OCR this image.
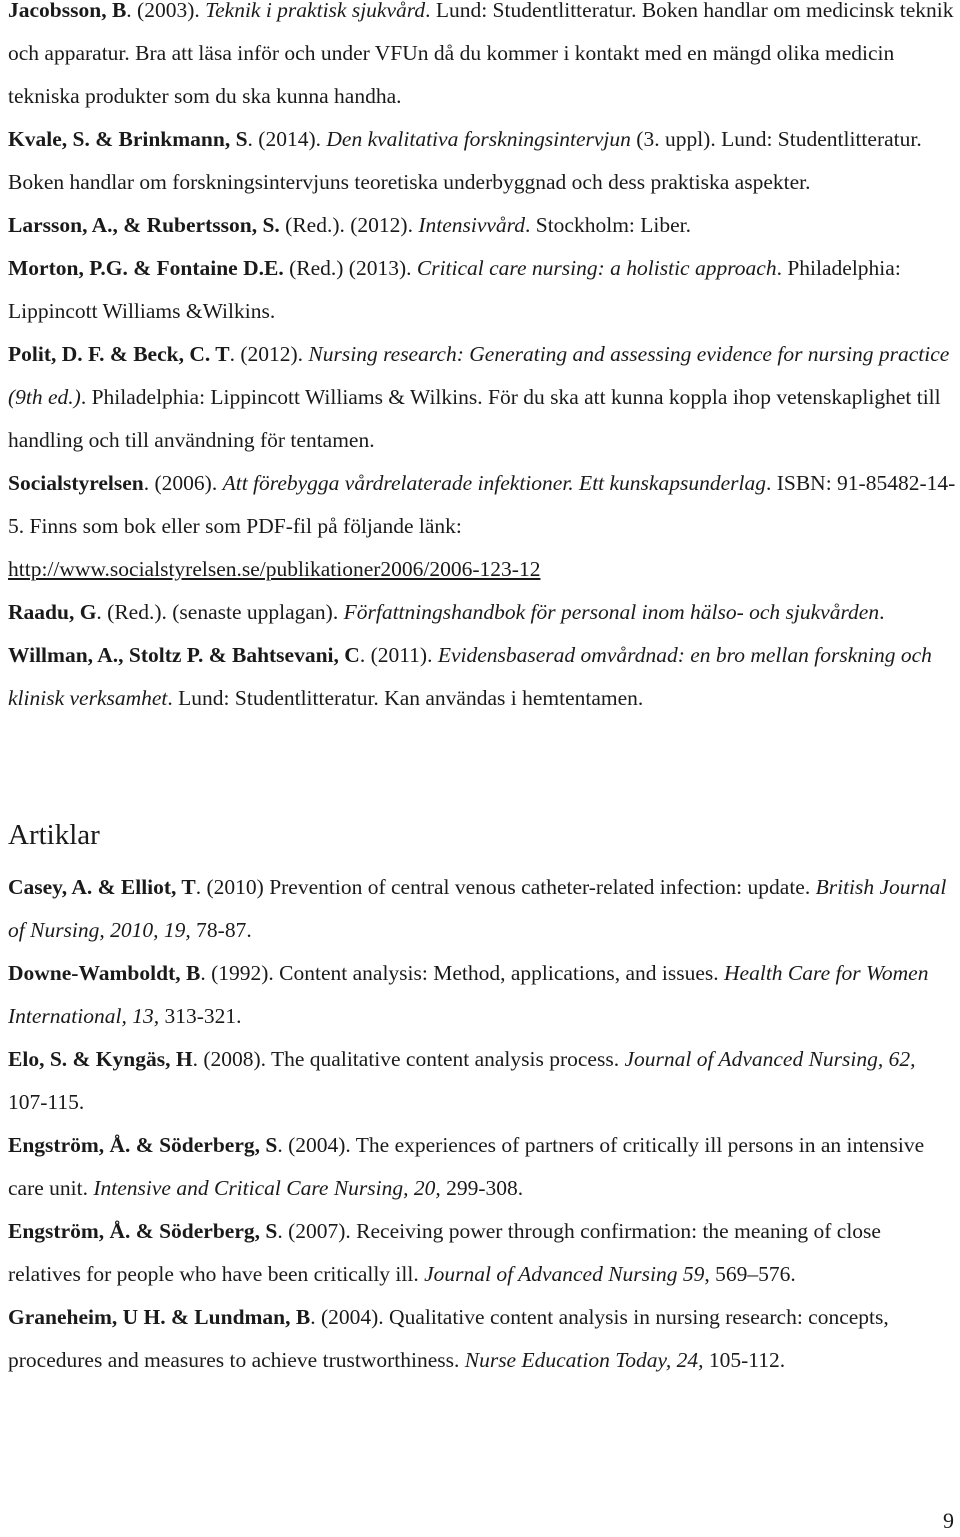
Jacobsson, B. (2003). Teknik i praktisk sjukvård. Lund: Studentlitteratur. Boken handlar om medicinsk teknik och apparatur. Bra att läsa inför och under VFUn då du kommer i kontakt med en mängd olika medicin tekniska produkter som du ska kunna handha.

Kvale, S. & Brinkmann, S. (2014). Den kvalitativa forskningsintervjun (3. uppl). Lund: Studentlitteratur. Boken handlar om forskningsintervjuns teoretiska underbyggnad och dess praktiska aspekter.

Larsson, A., & Rubertsson, S. (Red.). (2012). Intensivvård. Stockholm: Liber.

Morton, P.G. & Fontaine D.E. (Red.) (2013). Critical care nursing: a holistic approach. Philadelphia: Lippincott Williams &Wilkins.

Polit, D. F. & Beck, C. T. (2012). Nursing research: Generating and assessing evidence for nursing practice (9th ed.). Philadelphia: Lippincott Williams & Wilkins. För du ska att kunna koppla ihop vetenskaplighet till handling och till användning för tentamen.

Socialstyrelsen. (2006). Att förebygga vårdrelaterade infektioner. Ett kunskapsunderlag. ISBN: 91-85482-14-5. Finns som bok eller som PDF-fil på följande länk:
http://www.socialstyrelsen.se/publikationer2006/2006-123-12

Raadu, G. (Red.). (senaste upplagan). Författningshandbok för personal inom hälso- och sjukvården.

Willman, A., Stoltz P. & Bahtsevani, C. (2011). Evidensbaserad omvårdnad: en bro mellan forskning och klinisk verksamhet. Lund: Studentlitteratur. Kan användas i hemtentamen.

Artiklar

Casey, A. & Elliot, T. (2010) Prevention of central venous catheter-related infection: update. British Journal of Nursing, 2010, 19, 78-87.

Downe-Wamboldt, B. (1992). Content analysis: Method, applications, and issues. Health Care for Women International, 13, 313-321.

Elo, S. & Kyngäs, H. (2008). The qualitative content analysis process. Journal of Advanced Nursing, 62, 107-115.

Engström, Å. & Söderberg, S. (2004). The experiences of partners of critically ill persons in an intensive care unit. Intensive and Critical Care Nursing, 20, 299-308.

Engström, Å. & Söderberg, S. (2007). Receiving power through confirmation: the meaning of close relatives for people who have been critically ill. Journal of Advanced Nursing 59, 569–576.

Graneheim, U H. & Lundman, B. (2004). Qualitative content analysis in nursing research: concepts, procedures and measures to achieve trustworthiness. Nurse Education Today, 24, 105-112.

9
